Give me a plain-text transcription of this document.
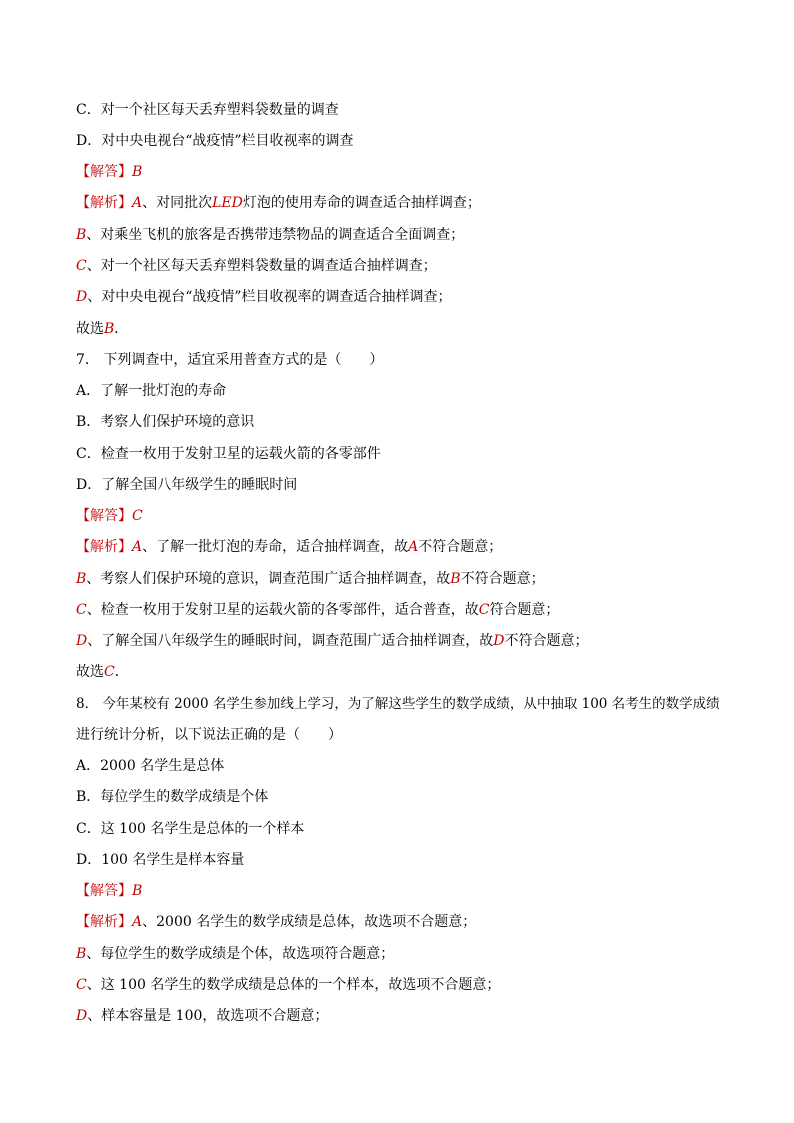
C．对一个社区每天丢弃塑料袋数量的调查
D．对中央电视台“战疫情”栏目收视率的调查
【解答】B
【解析】A、对同批次LED灯泡的使用寿命的调查适合抽样调查；
B、对乘坐飞机的旅客是否携带违禁物品的调查适合全面调查；
C、对一个社区每天丢弃塑料袋数量的调查适合抽样调查；
D、对中央电视台“战疫情”栏目收视率的调查适合抽样调查；
故选B．
7． 下列调查中，适宜采用普查方式的是（　　）
A．了解一批灯泡的寿命
B．考察人们保护环境的意识
C．检查一枚用于发射卫星的运载火箭的各零部件
D．了解全国八年级学生的睡眠时间
【解答】C
【解析】A、了解一批灯泡的寿命，适合抽样调查，故A不符合题意；
B、考察人们保护环境的意识，调查范围广适合抽样调查，故B不符合题意；
C、检查一枚用于发射卫星的运载火箭的各零部件，适合普查，故C符合题意；
D、了解全国八年级学生的睡眠时间，调查范围广适合抽样调查，故D不符合题意；
故选C．
8． 今年某校有 2000 名学生参加线上学习，为了解这些学生的数学成绩，从中抽取 100 名考生的数学成绩
进行统计分析，以下说法正确的是（　　）
A．2000 名学生是总体
B．每位学生的数学成绩是个体
C．这 100 名学生是总体的一个样本
D．100 名学生是样本容量
【解答】B
【解析】A、2000 名学生的数学成绩是总体，故选项不合题意；
B、每位学生的数学成绩是个体，故选项符合题意；
C、这 100 名学生的数学成绩是总体的一个样本，故选项不合题意；
D、样本容量是 100，故选项不合题意；
